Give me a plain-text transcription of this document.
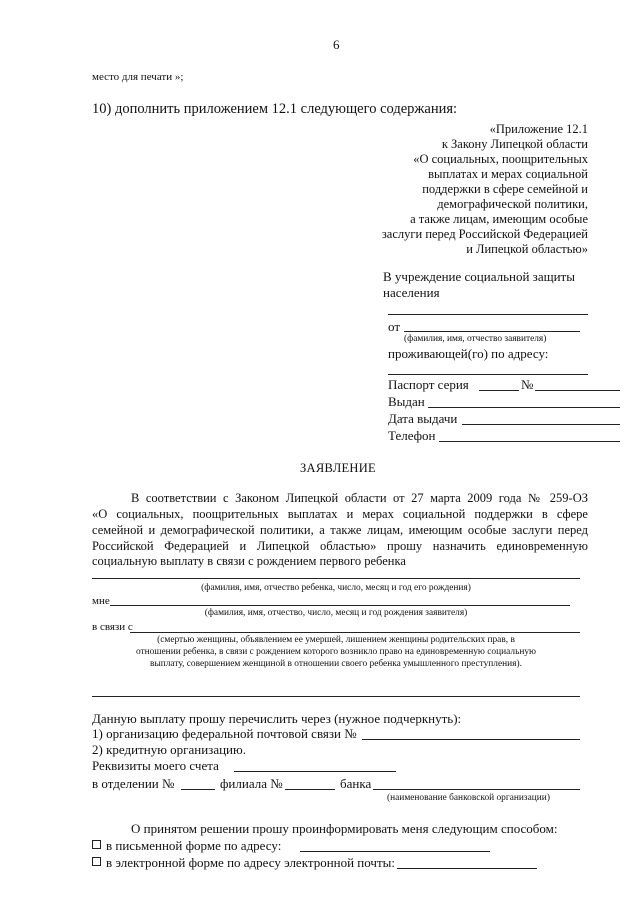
6
место для печати »;
10) дополнить приложением 12.1 следующего содержания:
«Приложение 12.1
к Закону Липецкой области
«О социальных, поощрительных
выплатах и мерах социальной
поддержки в сфере семейной и
демографической политики,
а также лицам, имеющим особые
заслуги перед Российской Федерацией
и Липецкой областью»
В учреждение социальной защиты
населения
от
(фамилия, имя, отчество заявителя)
проживающей(го) по адресу:
Паспорт серия	№
Выдан
Дата выдачи
Телефон
ЗАЯВЛЕНИЕ
В соответствии с Законом Липецкой области от 27 марта 2009 года № 259-ОЗ
«О социальных, поощрительных выплатах и мерах социальной поддержки в сфере
семейной и демографической политики, а также лицам, имеющим особые заслуги перед
Российской Федерацией и Липецкой областью» прошу назначить единовременную
социальную выплату в связи с рождением первого ребенка
(фамилия, имя, отчество ребенка, число, месяц и год его рождения)
мне
(фамилия, имя, отчество, число, месяц и год рождения заявителя)
в связи с
(смертью женщины, объявлением ее умершей, лишением женщины родительских прав, в
отношении ребенка, в связи с рождением которого возникло право на единовременную социальную
выплату, совершением женщиной в отношении своего ребенка умышленного преступления).
Данную выплату прошу перечислить через (нужное подчеркнуть):
1) организацию федеральной почтовой связи №
2) кредитную организацию.
Реквизиты моего счета
в отделении №	филиала №	банка
(наименование банковской организации)
О принятом решении прошу проинформировать меня следующим способом:
в письменной форме по адресу:
в электронной форме по адресу электронной почты:
